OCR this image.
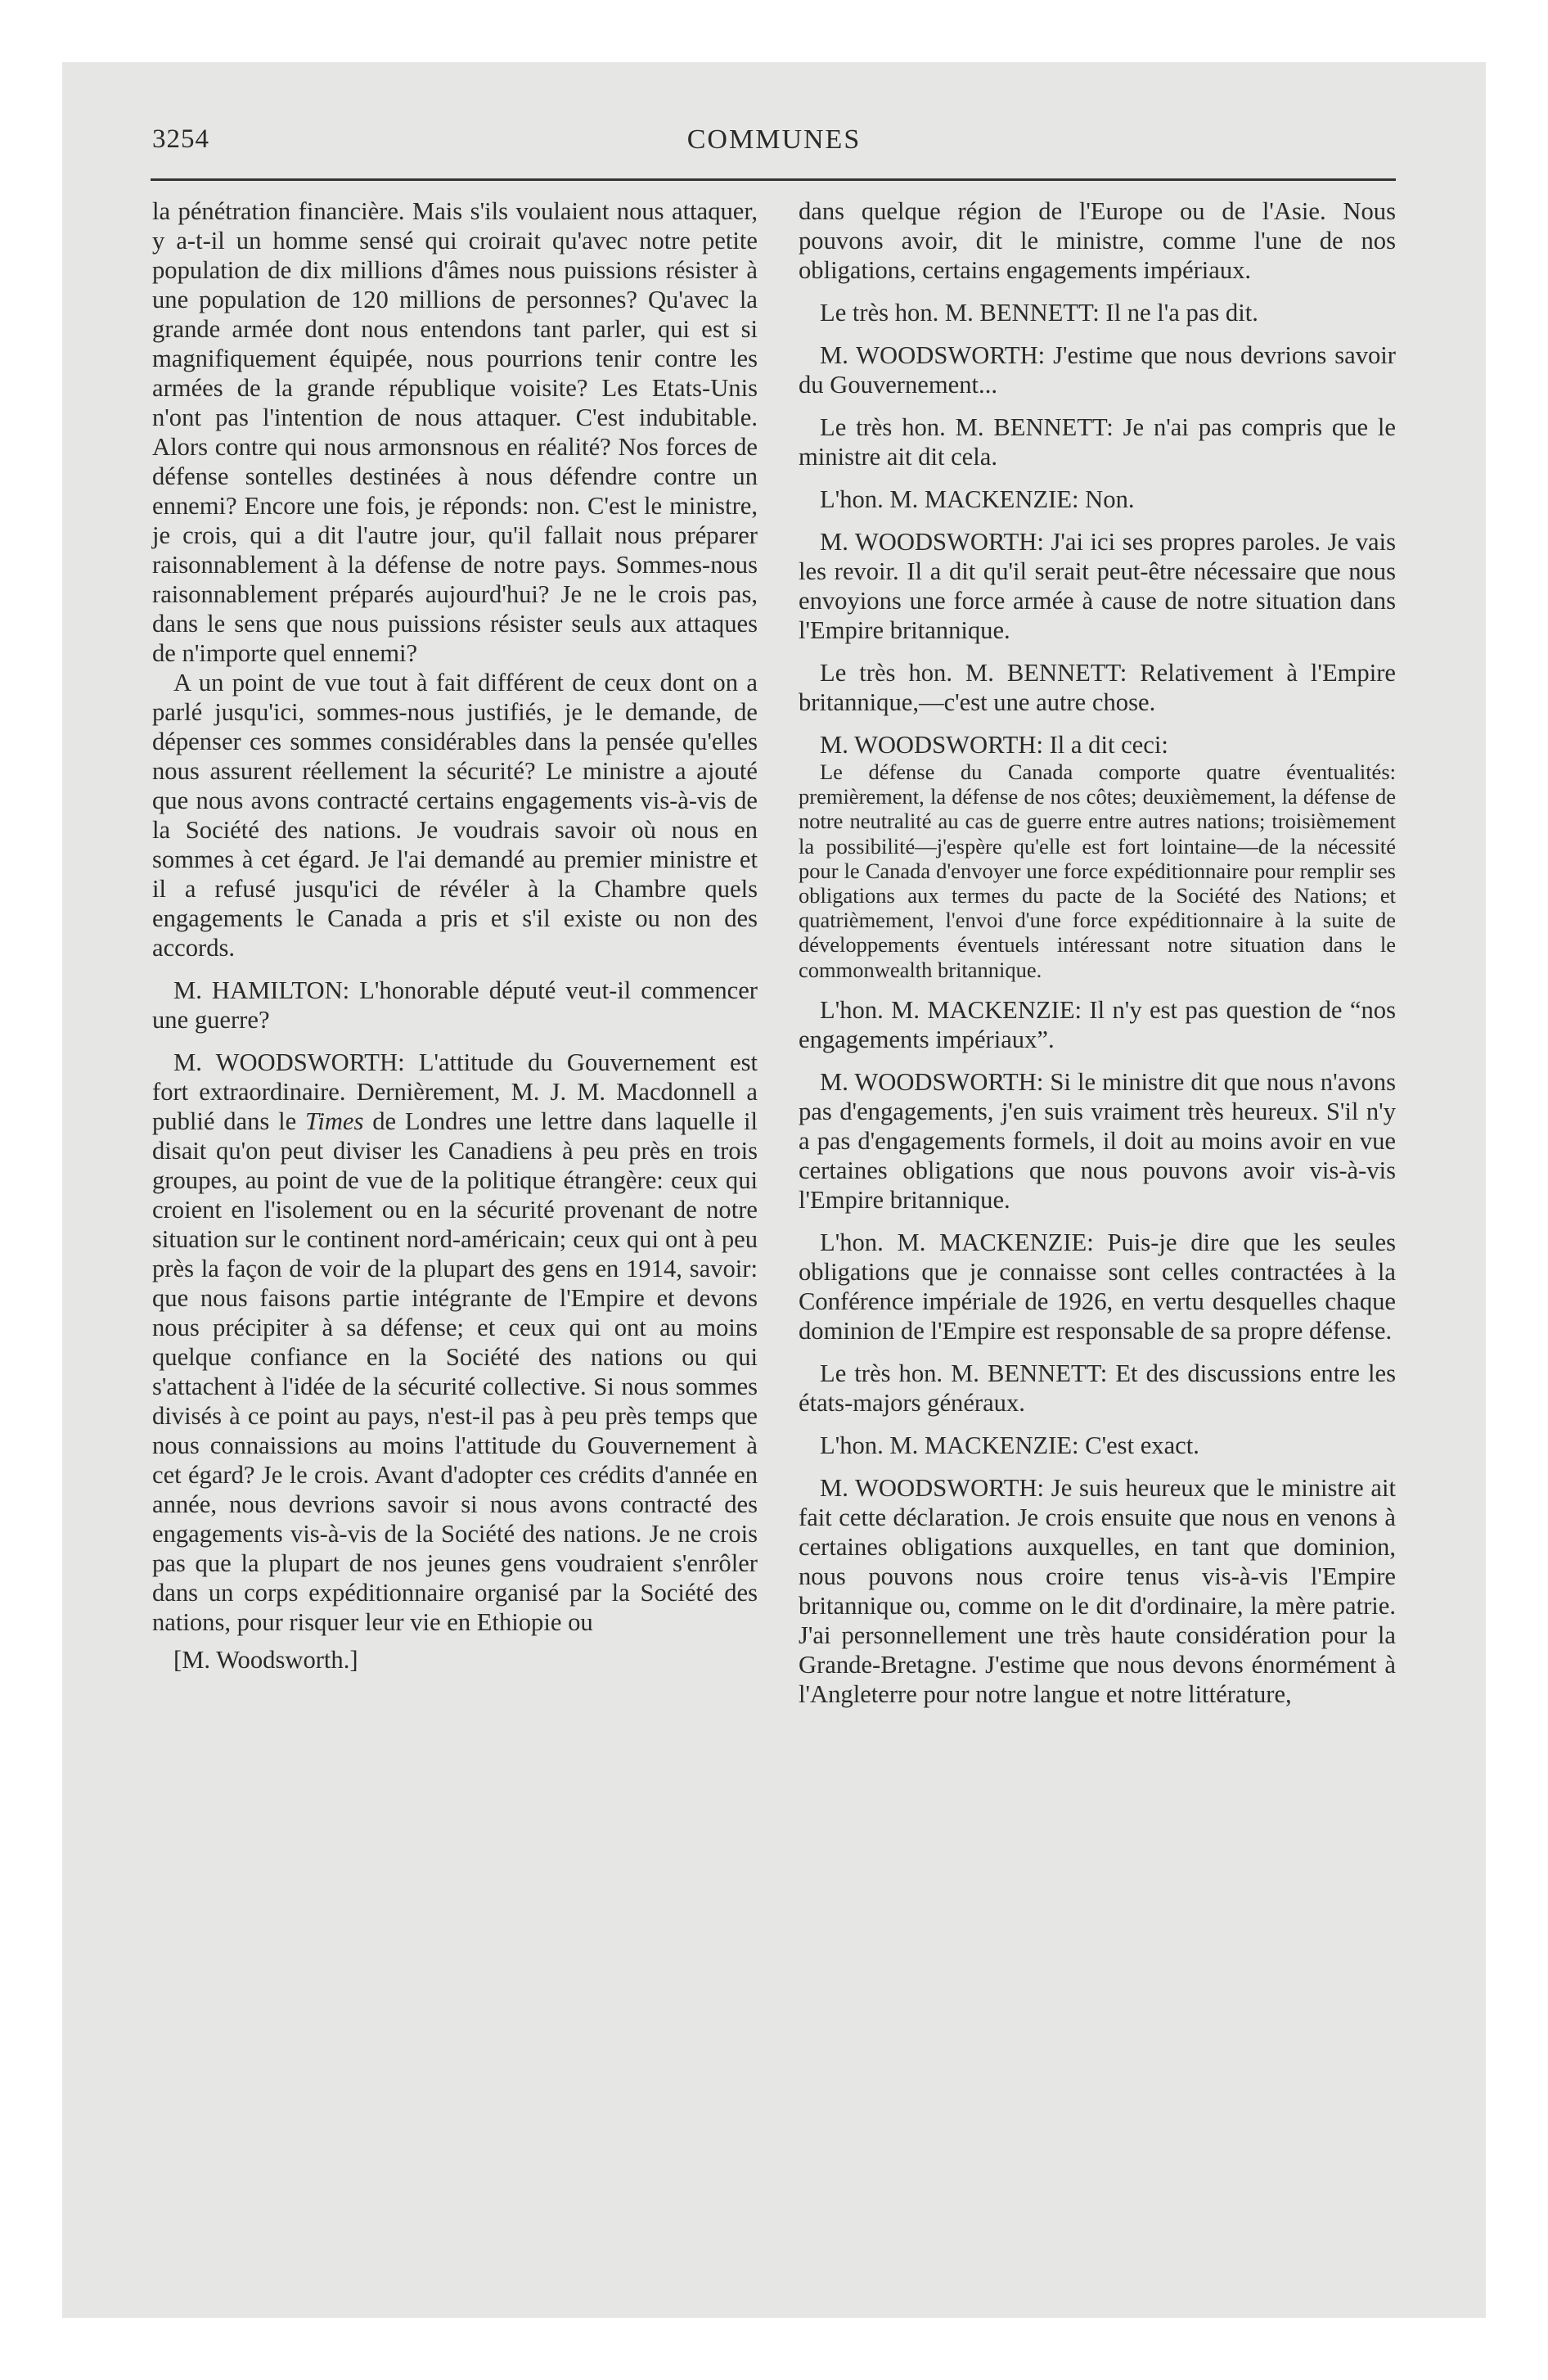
3254	COMMUNES

la pénétration financière. Mais s'ils voulaient nous attaquer, y a-t-il un homme sensé qui croirait qu'avec notre petite population de dix millions d'âmes nous puissions résister à une population de 120 millions de personnes? Qu'avec la grande armée dont nous entendons tant parler, qui est si magnifiquement équipée, nous pourrions tenir contre les armées de la grande république voisite? Les Etats-Unis n'ont pas l'intention de nous attaquer. C'est indubitable. Alors contre qui nous armonsnous en réalité? Nos forces de défense sontelles destinées à nous défendre contre un ennemi? Encore une fois, je réponds: non. C'est le ministre, je crois, qui a dit l'autre jour, qu'il fallait nous préparer raisonnablement à la défense de notre pays. Sommes-nous raisonnablement préparés aujourd'hui? Je ne le crois pas, dans le sens que nous puissions résister seuls aux attaques de n'importe quel ennemi?

A un point de vue tout à fait différent de ceux dont on a parlé jusqu'ici, sommes-nous justifiés, je le demande, de dépenser ces sommes considérables dans la pensée qu'elles nous assurent réellement la sécurité? Le ministre a ajouté que nous avons contracté certains engagements vis-à-vis de la Société des nations. Je voudrais savoir où nous en sommes à cet égard. Je l'ai demandé au premier ministre et il a refusé jusqu'ici de révéler à la Chambre quels engagements le Canada a pris et s'il existe ou non des accords.

M. HAMILTON: L'honorable député veut-il commencer une guerre?

M. WOODSWORTH: L'attitude du Gouvernement est fort extraordinaire. Dernièrement, M. J. M. Macdonnell a publié dans le Times de Londres une lettre dans laquelle il disait qu'on peut diviser les Canadiens à peu près en trois groupes, au point de vue de la politique étrangère: ceux qui croient en l'isolement ou en la sécurité provenant de notre situation sur le continent nord-américain; ceux qui ont à peu près la façon de voir de la plupart des gens en 1914, savoir: que nous faisons partie intégrante de l'Empire et devons nous précipiter à sa défense; et ceux qui ont au moins quelque confiance en la Société des nations ou qui s'attachent à l'idée de la sécurité collective. Si nous sommes divisés à ce point au pays, n'est-il pas à peu près temps que nous connaissions au moins l'attitude du Gouvernement à cet égard? Je le crois. Avant d'adopter ces crédits d'année en année, nous devrions savoir si nous avons contracté des engagements vis-à-vis de la Société des nations. Je ne crois pas que la plupart de nos jeunes gens voudraient s'enrôler dans un corps expéditionnaire organisé par la Société des nations, pour risquer leur vie en Ethiopie ou

[M. Woodsworth.]

dans quelque région de l'Europe ou de l'Asie. Nous pouvons avoir, dit le ministre, comme l'une de nos obligations, certains engagements impériaux.

Le très hon. M. BENNETT: Il ne l'a pas dit.

M. WOODSWORTH: J'estime que nous devrions savoir du Gouvernement...

Le très hon. M. BENNETT: Je n'ai pas compris que le ministre ait dit cela.

L'hon. M. MACKENZIE: Non.

M. WOODSWORTH: J'ai ici ses propres paroles. Je vais les revoir. Il a dit qu'il serait peut-être nécessaire que nous envoyions une force armée à cause de notre situation dans l'Empire britannique.

Le très hon. M. BENNETT: Relativement à l'Empire britannique,—c'est une autre chose.

M. WOODSWORTH: Il a dit ceci:

Le défense du Canada comporte quatre éventualités: premièrement, la défense de nos côtes; deuxièmement, la défense de notre neutralité au cas de guerre entre autres nations; troisièmement la possibilité—j'espère qu'elle est fort lointaine—de la nécessité pour le Canada d'envoyer une force expéditionnaire pour remplir ses obligations aux termes du pacte de la Société des Nations; et quatrièmement, l'envoi d'une force expéditionnaire à la suite de développements éventuels intéressant notre situation dans le commonwealth britannique.

L'hon. M. MACKENZIE: Il n'y est pas question de “nos engagements impériaux”.

M. WOODSWORTH: Si le ministre dit que nous n'avons pas d'engagements, j'en suis vraiment très heureux. S'il n'y a pas d'engagements formels, il doit au moins avoir en vue certaines obligations que nous pouvons avoir vis-à-vis l'Empire britannique.

L'hon. M. MACKENZIE: Puis-je dire que les seules obligations que je connaisse sont celles contractées à la Conférence impériale de 1926, en vertu desquelles chaque dominion de l'Empire est responsable de sa propre défense.

Le très hon. M. BENNETT: Et des discussions entre les états-majors généraux.

L'hon. M. MACKENZIE: C'est exact.

M. WOODSWORTH: Je suis heureux que le ministre ait fait cette déclaration. Je crois ensuite que nous en venons à certaines obligations auxquelles, en tant que dominion, nous pouvons nous croire tenus vis-à-vis l'Empire britannique ou, comme on le dit d'ordinaire, la mère patrie. J'ai personnellement une très haute considération pour la Grande-Bretagne. J'estime que nous devons énormément à l'Angleterre pour notre langue et notre littérature,
